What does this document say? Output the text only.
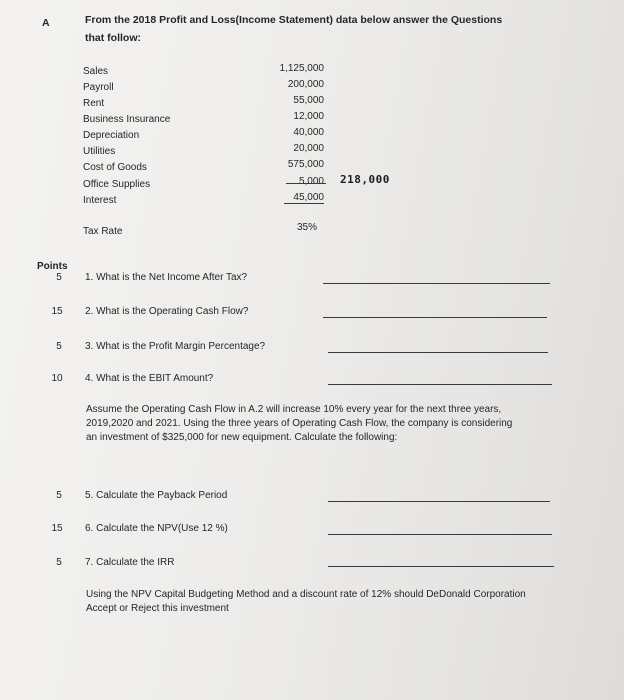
A	From the 2018 Profit and Loss(Income Statement) data below answer the Questions
that follow:
Sales	1,125,000
Payroll	200,000
Rent	55,000
Business Insurance	12,000
Depreciation	40,000
Utilities	20,000
Cost of Goods	575,000
Office Supplies	5,000
Interest	45,000
218,000
Tax Rate	35%
Points
5	1. What is the Net Income After Tax?
15	2. What is the Operating Cash Flow?
5	3. What is the Profit Margin Percentage?
10	4. What is the EBIT Amount?
5	5. Calculate the Payback Period
15	6. Calculate the NPV(Use 12 %)
5	7. Calculate the IRR
Assume the Operating Cash Flow in A.2 will increase 10% every year for the next three years, 2019,2020 and 2021. Using the three years of Operating Cash Flow, the company is considering an investment of $325,000 for new equipment. Calculate the following:
Using the NPV Capital Budgeting Method and a discount rate of 12% should DeDonald Corporation Accept or Reject this investment
